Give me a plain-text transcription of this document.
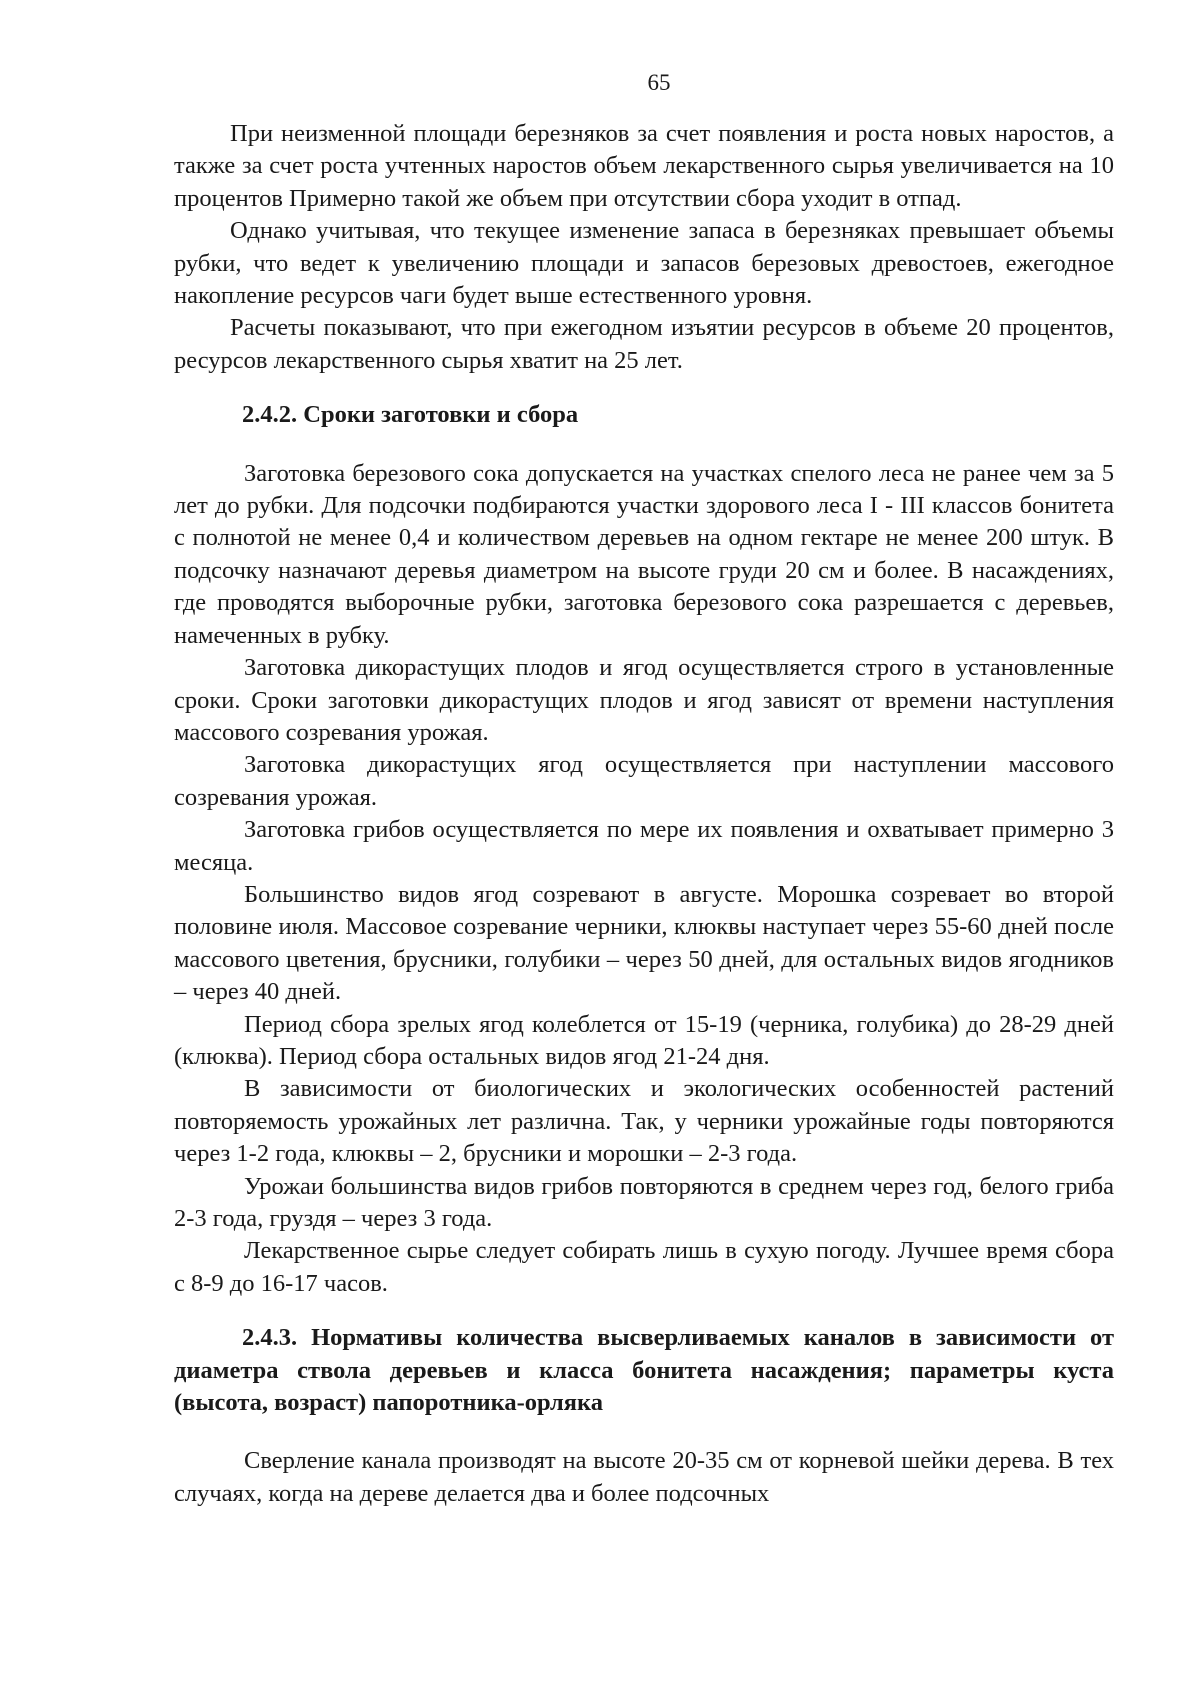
65

При неизменной площади березняков за счет появления и роста новых наростов, а также за счет роста учтенных наростов объем лекарственного сырья увеличивается на 10 процентов Примерно такой же объем при отсутствии сбора уходит в отпад.

Однако учитывая, что текущее изменение запаса в березняках превышает объемы рубки, что ведет к увеличению площади и запасов березовых древостоев, ежегодное накопление ресурсов чаги будет выше естественного уровня.

Расчеты показывают, что при ежегодном изъятии ресурсов в объеме 20 процентов, ресурсов лекарственного сырья хватит на 25 лет.

2.4.2. Сроки заготовки и сбора

Заготовка березового сока допускается на участках спелого леса не ранее чем за 5 лет до рубки. Для подсочки подбираются участки здорового леса I - III классов бонитета с полнотой не менее 0,4 и количеством деревьев на одном гектаре не менее 200 штук. В подсочку назначают деревья диаметром на высоте груди 20 см и более. В насаждениях, где проводятся выборочные рубки, заготовка березового сока разрешается с деревьев, намеченных в рубку.

Заготовка дикорастущих плодов и ягод осуществляется строго в установленные сроки. Сроки заготовки дикорастущих плодов и ягод зависят от времени наступления массового созревания урожая.

Заготовка дикорастущих ягод осуществляется при наступлении массового созревания урожая.

Заготовка грибов осуществляется по мере их появления и охватывает примерно 3 месяца.

Большинство видов ягод созревают в августе. Морошка созревает во второй половине июля. Массовое созревание черники, клюквы наступает через 55-60 дней после массового цветения, брусники, голубики – через 50 дней, для остальных видов ягодников – через 40 дней.

Период сбора зрелых ягод колеблется от 15-19 (черника, голубика) до 28-29 дней (клюква). Период сбора остальных видов ягод 21-24 дня.

В зависимости от биологических и экологических особенностей растений повторяемость урожайных лет различна. Так, у черники урожайные годы повторяются через 1-2 года, клюквы – 2, брусники и морошки – 2-3 года.

Урожаи большинства видов грибов повторяются в среднем через год, белого гриба 2-3 года, груздя – через 3 года.

Лекарственное сырье следует собирать лишь в сухую погоду. Лучшее время сбора с 8-9 до 16-17 часов.

2.4.3. Нормативы количества высверливаемых каналов в зависимости от диаметра ствола деревьев и класса бонитета насаждения; параметры куста (высота, возраст) папоротника-орляка

Сверление канала производят на высоте 20-35 см от корневой шейки дерева. В тех случаях, когда на дереве делается два и более подсочных
